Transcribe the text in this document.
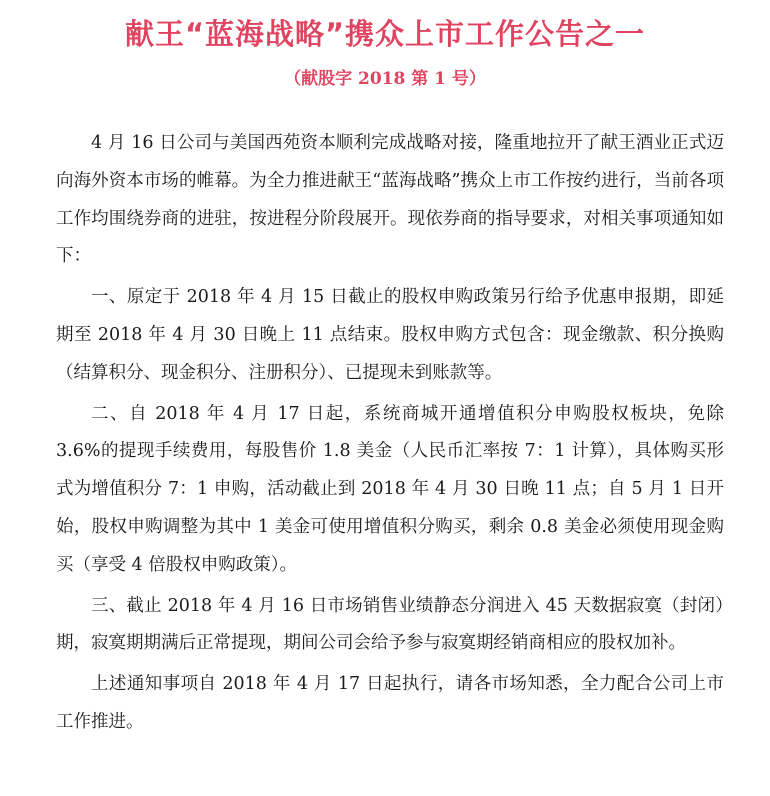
献王“蓝海战略”携众上市工作公告之一
（献股字 2018 第 1 号）

4 月 16 日公司与美国西苑资本顺利完成战略对接，隆重地拉开了献王酒业正式迈向海外资本市场的帷幕。为全力推进献王“蓝海战略”携众上市工作按约进行，当前各项工作均围绕券商的进驻，按进程分阶段展开。现依券商的指导要求，对相关事项通知如下：

一、原定于 2018 年 4 月 15 日截止的股权申购政策另行给予优惠申报期，即延期至 2018 年 4 月 30 日晚上 11 点结束。股权申购方式包含：现金缴款、积分换购（结算积分、现金积分、注册积分）、已提现未到账款等。

二、自 2018 年 4 月 17 日起，系统商城开通增值积分申购股权板块，免除 3.6%的提现手续费用，每股售价 1.8 美金（人民币汇率按 7：1 计算），具体购买形式为增值积分 7：1 申购，活动截止到 2018 年 4 月 30 日晚 11 点；自 5 月 1 日开始，股权申购调整为其中 1 美金可使用增值积分购买，剩余 0.8 美金必须使用现金购买（享受 4 倍股权申购政策）。

三、截止 2018 年 4 月 16 日市场销售业绩静态分润进入 45 天数据寂寞（封闭）期，寂寞期期满后正常提现，期间公司会给予参与寂寞期经销商相应的股权加补。

上述通知事项自 2018 年 4 月 17 日起执行，请各市场知悉，全力配合公司上市工作推进。
